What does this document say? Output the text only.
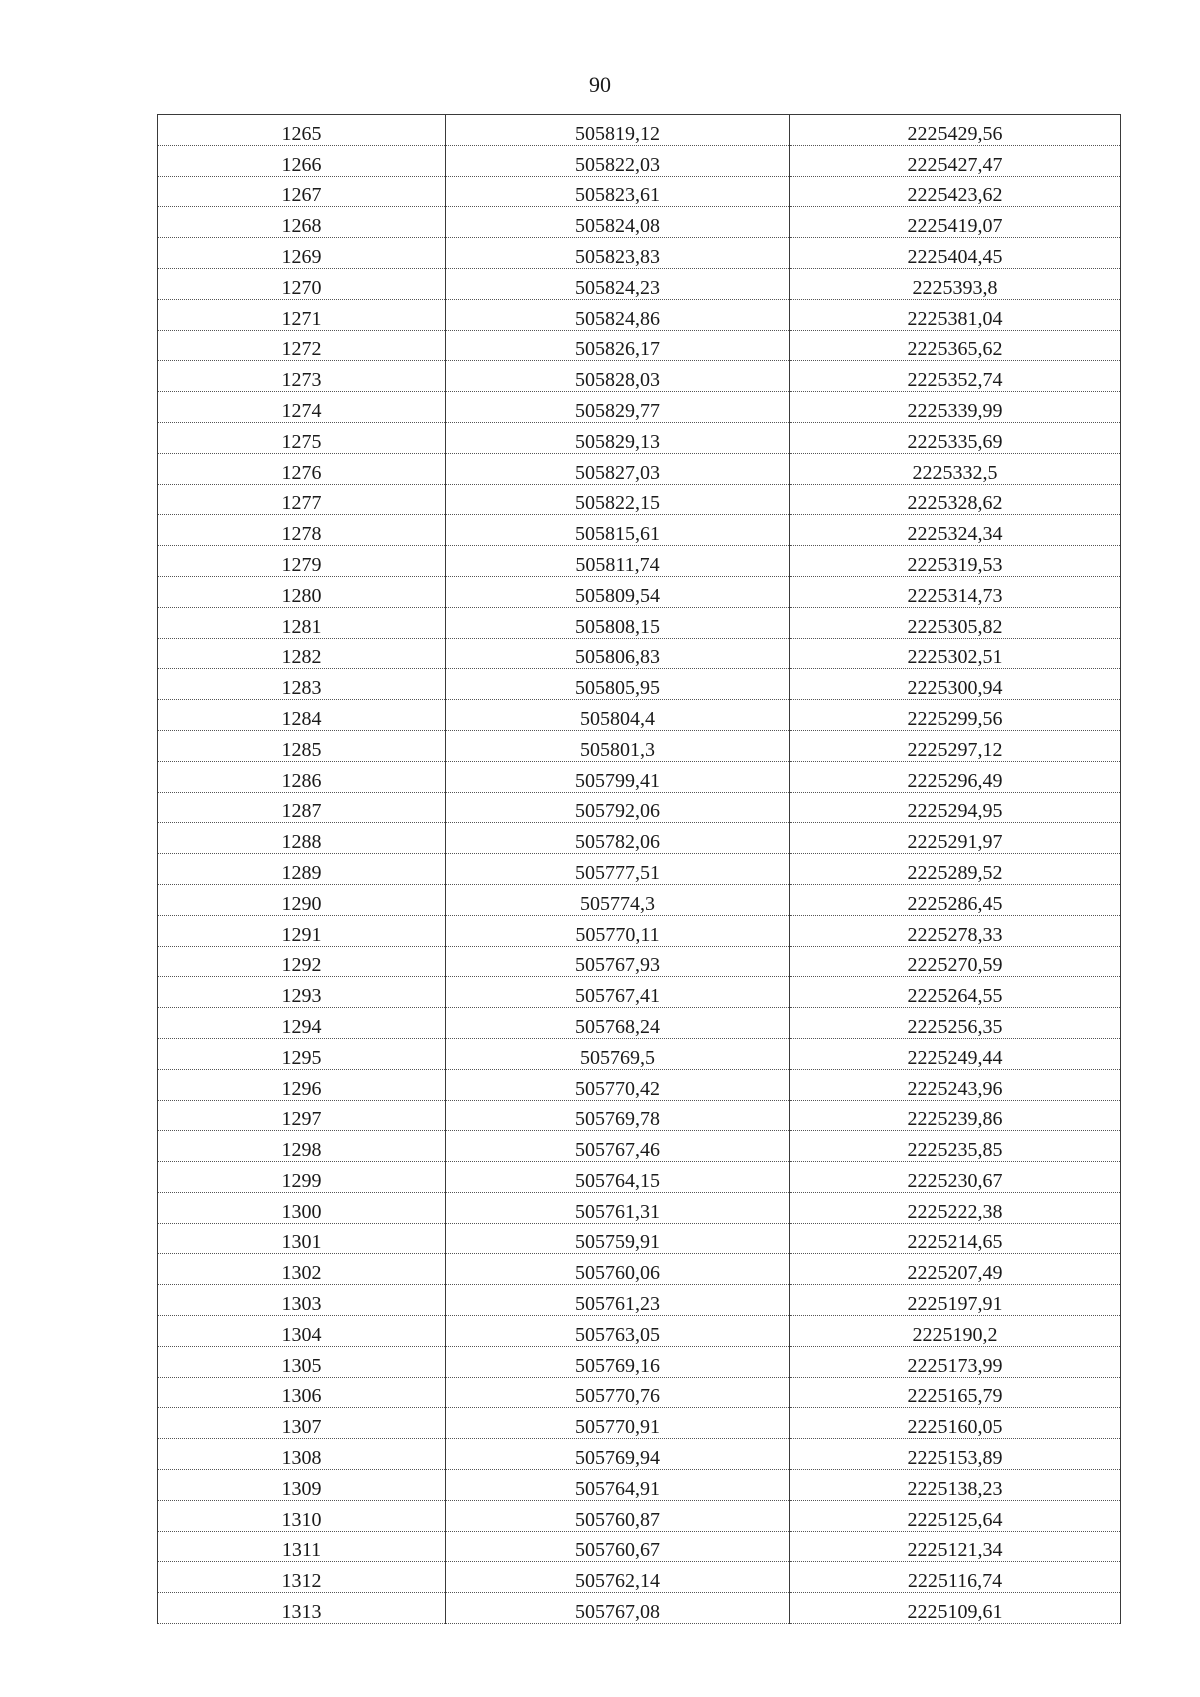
90
1265	505819,12	2225429,56
1266	505822,03	2225427,47
1267	505823,61	2225423,62
1268	505824,08	2225419,07
1269	505823,83	2225404,45
1270	505824,23	2225393,8
1271	505824,86	2225381,04
1272	505826,17	2225365,62
1273	505828,03	2225352,74
1274	505829,77	2225339,99
1275	505829,13	2225335,69
1276	505827,03	2225332,5
1277	505822,15	2225328,62
1278	505815,61	2225324,34
1279	505811,74	2225319,53
1280	505809,54	2225314,73
1281	505808,15	2225305,82
1282	505806,83	2225302,51
1283	505805,95	2225300,94
1284	505804,4	2225299,56
1285	505801,3	2225297,12
1286	505799,41	2225296,49
1287	505792,06	2225294,95
1288	505782,06	2225291,97
1289	505777,51	2225289,52
1290	505774,3	2225286,45
1291	505770,11	2225278,33
1292	505767,93	2225270,59
1293	505767,41	2225264,55
1294	505768,24	2225256,35
1295	505769,5	2225249,44
1296	505770,42	2225243,96
1297	505769,78	2225239,86
1298	505767,46	2225235,85
1299	505764,15	2225230,67
1300	505761,31	2225222,38
1301	505759,91	2225214,65
1302	505760,06	2225207,49
1303	505761,23	2225197,91
1304	505763,05	2225190,2
1305	505769,16	2225173,99
1306	505770,76	2225165,79
1307	505770,91	2225160,05
1308	505769,94	2225153,89
1309	505764,91	2225138,23
1310	505760,87	2225125,64
1311	505760,67	2225121,34
1312	505762,14	2225116,74
1313	505767,08	2225109,61
